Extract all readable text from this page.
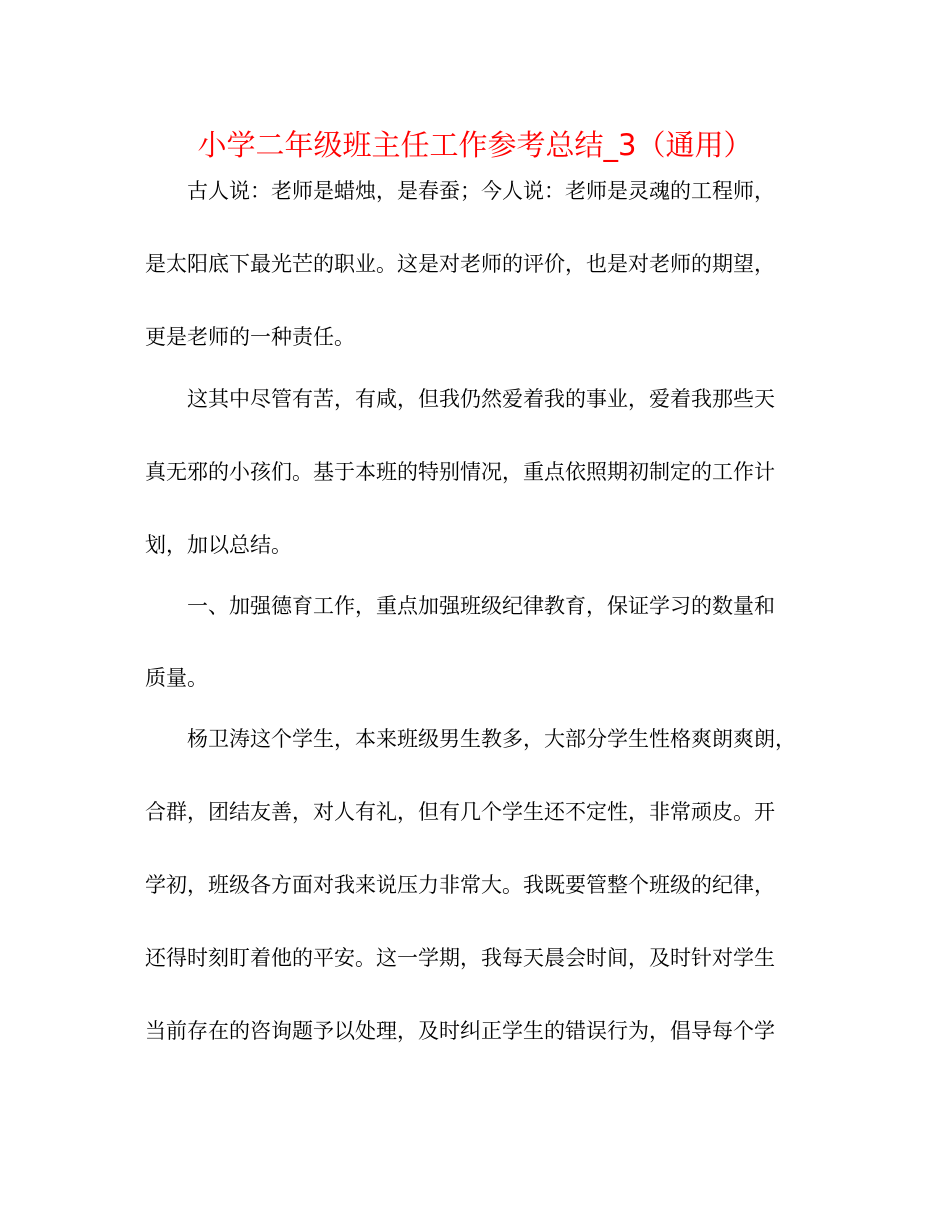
小学二年级班主任工作参考总结_3（通用）
古人说：老师是蜡烛，是春蚕；今人说：老师是灵魂的工程师，
是太阳底下最光芒的职业。这是对老师的评价，也是对老师的期望，
更是老师的一种责任。
这其中尽管有苦，有咸，但我仍然爱着我的事业，爱着我那些天
真无邪的小孩们。基于本班的特别情况，重点依照期初制定的工作计
划，加以总结。
一、加强德育工作，重点加强班级纪律教育，保证学习的数量和
质量。
杨卫涛这个学生，本来班级男生教多，大部分学生性格爽朗爽朗，
合群，团结友善，对人有礼，但有几个学生还不定性，非常顽皮。开
学初，班级各方面对我来说压力非常大。我既要管整个班级的纪律，
还得时刻盯着他的平安。这一学期，我每天晨会时间，及时针对学生
当前存在的咨询题予以处理，及时纠正学生的错误行为，倡导每个学
